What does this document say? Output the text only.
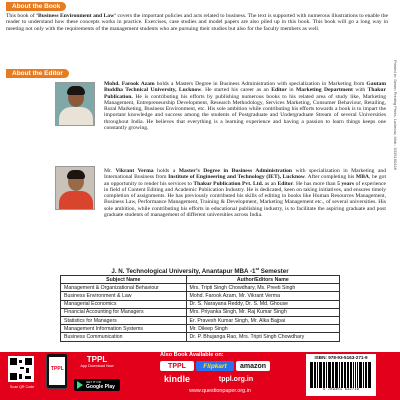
About the Book
This book of ‘Business Environment and Law’ covers the important policies and acts related to business. The text is supported with numerous illustrations to enable the reader to understand how these concepts works in practice. Exercises, case studies and model papers are also piled up in this book. This book will go a long way in meeting not only with the requirements of the management students who are pursuing their studies but also for the faculty members as well.
About the Editor
Mohd. Farook Azam holds a Masters Degree in Business Administration with specialization in Marketing from Gautam Buddha Technical University, Lucknow. He started his career as an Editor in Marketing Department with Thakur Publication. He is contributing his efforts by publishing numerous books to his related area of study like, Marketing Management, Entrepreneurship Development, Research Methodology, Services Marketing, Consumer Behaviour, Retailing, Rural Marketing, Business Environment, etc. His sole ambition while contributing his efforts towards a book is to impart the important knowledge and success among the students of Postgraduate and Undergraduate Stream of several Universities throughout India. He believes that everything is a learning experience and having a passion to learn things keeps one constantly growing.
Mr. Vikrant Verma holds a Master’s Degree in Business Administration with specialization in Marketing and International Business from Institute of Engineering and Technology (IET), Lucknow. After completing his MBA, he got an opportunity to render his services to Thakur Publication Pvt. Ltd. as an Editor. He has more than 5 years of experience in field of Content Editing and Academic Publication Industry. He is dedicated, keen on taking initiatives, and ensures timely completion of assignments. He has previously contributed his skills of editing in books like Human Resources Management, Business Law, Performance Management, Training & Development, Marketing Management etc., of several universities. His sole ambition, while contributing his efforts in educational publishing industry, is to facilitate the aspiring graduate and post graduate students of management of different universities across India.
Printed in: Seven Printing Prints, Lucknow, Mob.: 9335160428
J. N. Technological University, Anantapur MBA -1st Semester
Subject Name	Author/Editors Name
Management & Organizational Behaviour	Mrs. Tripti Singh Chowdhary, Ms. Preeti Singh
Business Environment & Law	Mohd. Farook Azam, Mr. Vikrant Verma
Managerial Economics	Dr. S. Narayana Reddy, Dr. S. Md. Ghouse
Financial Accounting for Managers	Mrs. Priyanka Singh, Mr. Raj Kumar Singh
Statistics for Managers	Er. Pravesh Kumar Singh, Mr. Alka Bajpai
Management Information Systems	Mr. Dileep Singh
Business Communication	Dr. P. Bhujanga Rao, Mrs. Tripti Singh Chowdhary
Scan QR Code
TPPL
TPPL
App Download Now
GET IT ON
Google Play
Also Book Available on:
TPPL	Flipkart	amazon
kindle	tppl.org.in
www.questionpaper.org.in
ISBN: 978-93-5163-271-9
9 789351 632719
